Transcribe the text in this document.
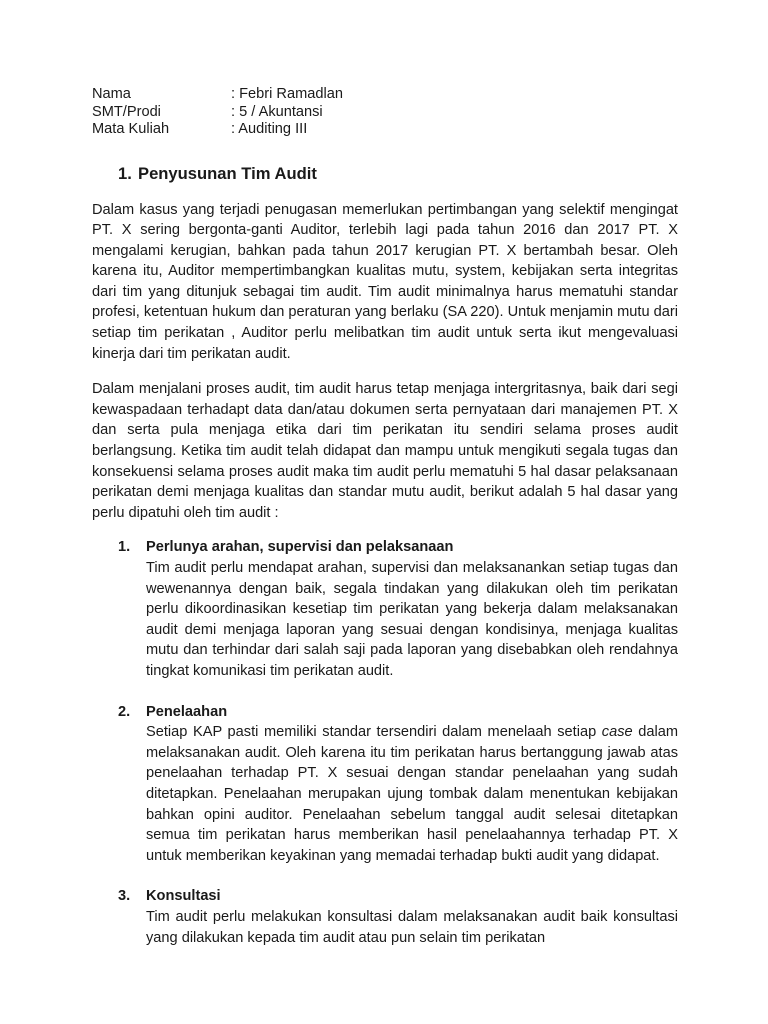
Nama	: Febri Ramadlan
SMT/Prodi	: 5 / Akuntansi
Mata Kuliah	: Auditing III
1. Penyusunan Tim Audit

Dalam kasus yang terjadi penugasan memerlukan pertimbangan yang selektif mengingat PT. X sering bergonta-ganti Auditor, terlebih lagi pada tahun 2016 dan 2017 PT. X mengalami kerugian, bahkan pada tahun 2017 kerugian PT. X bertambah besar. Oleh karena itu, Auditor mempertimbangkan kualitas mutu, system, kebijakan serta integritas dari tim yang ditunjuk sebagai tim audit. Tim audit minimalnya harus mematuhi standar profesi, ketentuan hukum dan peraturan yang berlaku (SA 220). Untuk menjamin mutu dari setiap tim perikatan , Auditor perlu melibatkan tim audit untuk serta ikut mengevaluasi kinerja dari tim perikatan audit.

Dalam menjalani proses audit, tim audit harus tetap menjaga intergritasnya, baik dari segi kewaspadaan terhadapt data dan/atau dokumen serta pernyataan dari manajemen PT. X dan serta pula menjaga etika dari tim perikatan itu sendiri selama proses audit berlangsung. Ketika tim audit telah didapat dan mampu untuk mengikuti segala tugas dan konsekuensi selama proses audit maka tim audit perlu mematuhi 5 hal dasar pelaksanaan perikatan demi menjaga kualitas dan standar mutu audit, berikut adalah 5 hal dasar yang perlu dipatuhi oleh tim audit :

1.	Perlunya arahan, supervisi dan pelaksanaan
Tim audit perlu mendapat arahan, supervisi dan melaksanankan setiap tugas dan wewenannya dengan baik, segala tindakan yang dilakukan oleh tim perikatan perlu dikoordinasikan kesetiap tim perikatan yang bekerja dalam melaksanakan audit demi menjaga laporan yang sesuai dengan kondisinya, menjaga kualitas mutu dan terhindar dari salah saji pada laporan yang disebabkan oleh rendahnya tingkat komunikasi tim perikatan audit.
2.	Penelaahan
Setiap KAP pasti memiliki standar tersendiri dalam menelaah setiap case dalam melaksanakan audit. Oleh karena itu tim perikatan harus bertanggung jawab atas penelaahan terhadap PT. X sesuai dengan standar penelaahan yang sudah ditetapkan. Penelaahan merupakan ujung tombak dalam menentukan kebijakan bahkan opini auditor. Penelaahan sebelum tanggal audit selesai ditetapkan semua tim perikatan harus memberikan hasil penelaahannya terhadap PT. X untuk memberikan keyakinan yang memadai terhadap bukti audit yang didapat.
3.	Konsultasi
Tim audit perlu melakukan konsultasi dalam melaksanakan audit baik konsultasi yang dilakukan kepada tim audit atau pun selain tim perikatan
